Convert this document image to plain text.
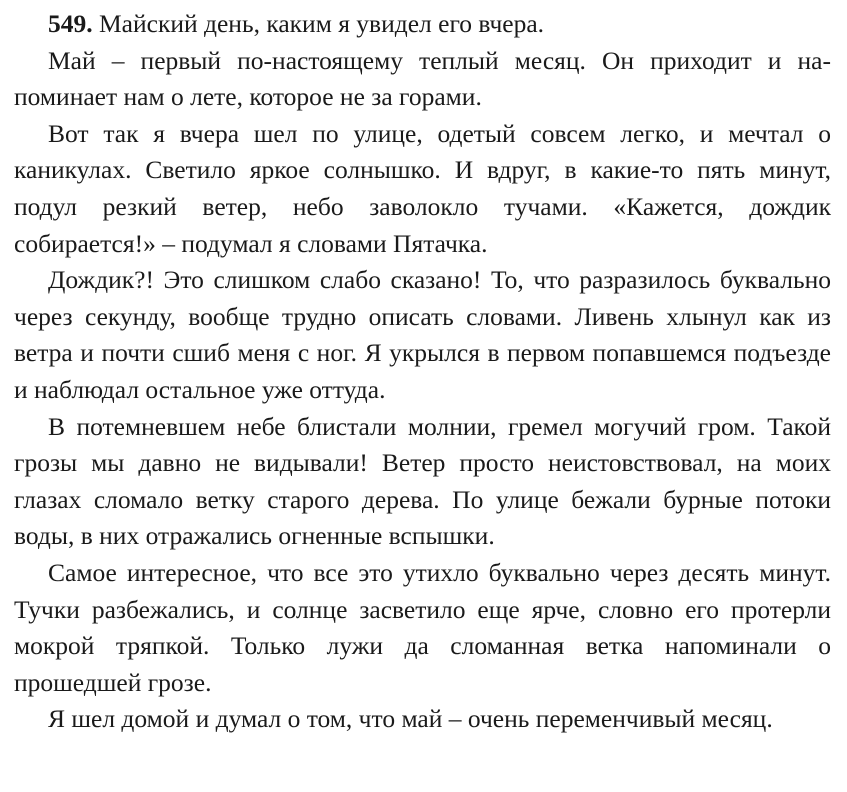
549. Майский день, каким я увидел его вчера.

Май – первый по-настоящему теплый месяц. Он приходит и напоминает нам о лете, которое не за горами.

Вот так я вчера шел по улице, одетый совсем легко, и мечтал о каникулах. Светило яркое солнышко. И вдруг, в какие-то пять минут, подул резкий ветер, небо заволокло тучами. «Кажется, дождик собирается!» – подумал я словами Пятачка.

Дождик?! Это слишком слабо сказано! То, что разразилось буквально через секунду, вообще трудно описать словами. Ливень хлынул как из ветра и почти сшиб меня с ног. Я укрылся в первом попавшемся подъезде и наблюдал остальное уже оттуда.

В потемневшем небе блистали молнии, гремел могучий гром. Такой грозы мы давно не видывали! Ветер просто неистовствовал, на моих глазах сломало ветку старого дерева. По улице бежали бурные потоки воды, в них отражались огненные вспышки.

Самое интересное, что все это утихло буквально через десять минут. Тучки разбежались, и солнце засветило еще ярче, словно его протерли мокрой тряпкой. Только лужи да сломанная ветка напоминали о прошедшей грозе.

Я шел домой и думал о том, что май – очень переменчивый месяц.
